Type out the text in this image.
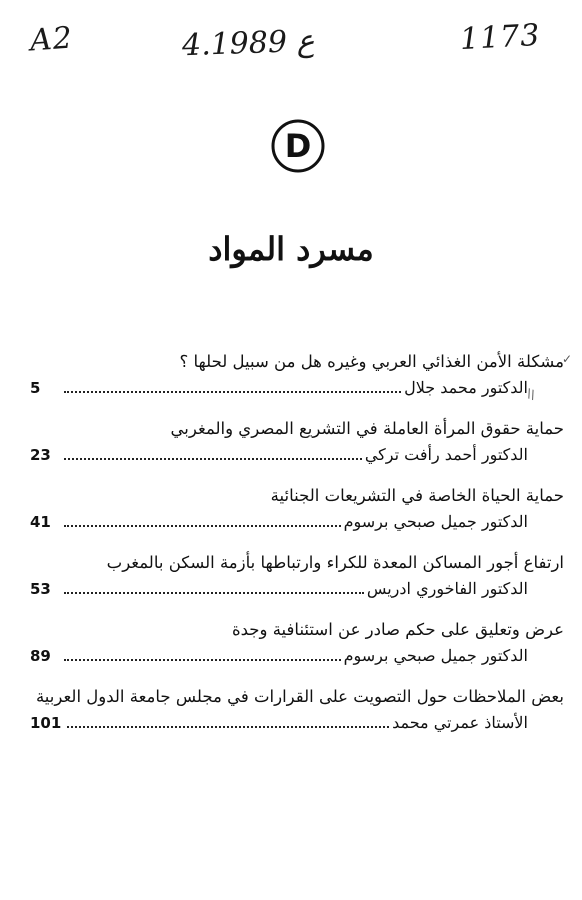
A2	4.ع 1989	1173
D
مسرد المواد
مشكلة الأمن الغذائي العربي وغيره هل من سبيل لحلها ؟
الدكتور محمد جلال
5
حماية حقوق المرأة العاملة في التشريع المصري والمغربي
الدكتور أحمد رأفت تركي
23
حماية الحياة الخاصة في التشريعات الجنائية
الدكتور جميل صبحي برسوم
41
ارتفاع أجور المساكن المعدة للكراء وارتباطها بأزمة السكن بالمغرب
الدكتور الفاخوري ادريس
53
عرض وتعليق على حكم صادر عن استئنافية وجدة
الدكتور جميل صبحي برسوم
89
بعض الملاحظات حول التصويت على القرارات في مجلس جامعة الدول العربية
الأستاذ عمرتي محمد
101
✓
\\
